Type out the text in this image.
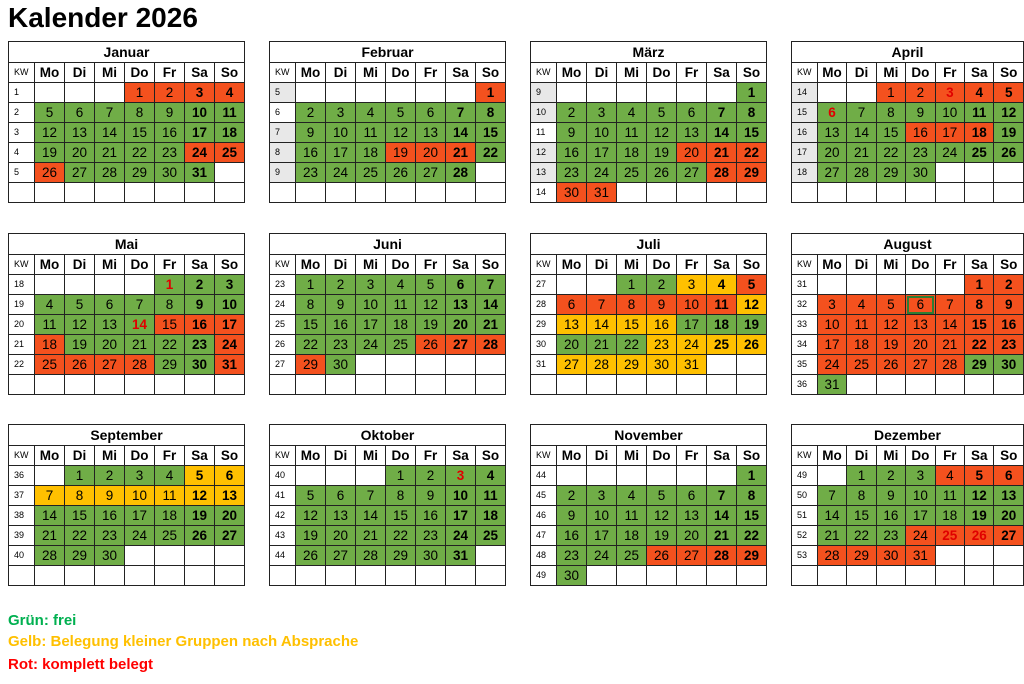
Kalender 2026
Januar							
KW	Mo	Di	Mi	Do	Fr	Sa	So
1				1	2	3	4
2	5	6	7	8	9	10	11
3	12	13	14	15	16	17	18
4	19	20	21	22	23	24	25
5	26	27	28	29	30	31	

Februar							
KW	Mo	Di	Mi	Do	Fr	Sa	So
5							1
6	2	3	4	5	6	7	8
7	9	10	11	12	13	14	15
8	16	17	18	19	20	21	22
9	23	24	25	26	27	28	

März							
KW	Mo	Di	Mi	Do	Fr	Sa	So
9							1
10	2	3	4	5	6	7	8
11	9	10	11	12	13	14	15
12	16	17	18	19	20	21	22
13	23	24	25	26	27	28	29
14	30	31					
April							
KW	Mo	Di	Mi	Do	Fr	Sa	So
14			1	2	3	4	5
15	6	7	8	9	10	11	12
16	13	14	15	16	17	18	19
17	20	21	22	23	24	25	26
18	27	28	29	30			

Mai							
KW	Mo	Di	Mi	Do	Fr	Sa	So
18					1	2	3
19	4	5	6	7	8	9	10
20	11	12	13	14	15	16	17
21	18	19	20	21	22	23	24
22	25	26	27	28	29	30	31

Juni							
KW	Mo	Di	Mi	Do	Fr	Sa	So
23	1	2	3	4	5	6	7
24	8	9	10	11	12	13	14
25	15	16	17	18	19	20	21
26	22	23	24	25	26	27	28
27	29	30					

Juli							
KW	Mo	Di	Mi	Do	Fr	Sa	So
27			1	2	3	4	5
28	6	7	8	9	10	11	12
29	13	14	15	16	17	18	19
30	20	21	22	23	24	25	26
31	27	28	29	30	31		

August							
KW	Mo	Di	Mi	Do	Fr	Sa	So
31						1	2
32	3	4	5	6	7	8	9
33	10	11	12	13	14	15	16
34	17	18	19	20	21	22	23
35	24	25	26	27	28	29	30
36	31						
September							
KW	Mo	Di	Mi	Do	Fr	Sa	So
36		1	2	3	4	5	6
37	7	8	9	10	11	12	13
38	14	15	16	17	18	19	20
39	21	22	23	24	25	26	27
40	28	29	30				

Oktober							
KW	Mo	Di	Mi	Do	Fr	Sa	So
40				1	2	3	4
41	5	6	7	8	9	10	11
42	12	13	14	15	16	17	18
43	19	20	21	22	23	24	25
44	26	27	28	29	30	31	

November							
KW	Mo	Di	Mi	Do	Fr	Sa	So
44							1
45	2	3	4	5	6	7	8
46	9	10	11	12	13	14	15
47	16	17	18	19	20	21	22
48	23	24	25	26	27	28	29
49	30						
Dezember							
KW	Mo	Di	Mi	Do	Fr	Sa	So
49		1	2	3	4	5	6
50	7	8	9	10	11	12	13
51	14	15	16	17	18	19	20
52	21	22	23	24	25	26	27
53	28	29	30	31			

Grün: frei

Gelb: Belegung kleiner Gruppen nach Absprache

Rot: komplett belegt
